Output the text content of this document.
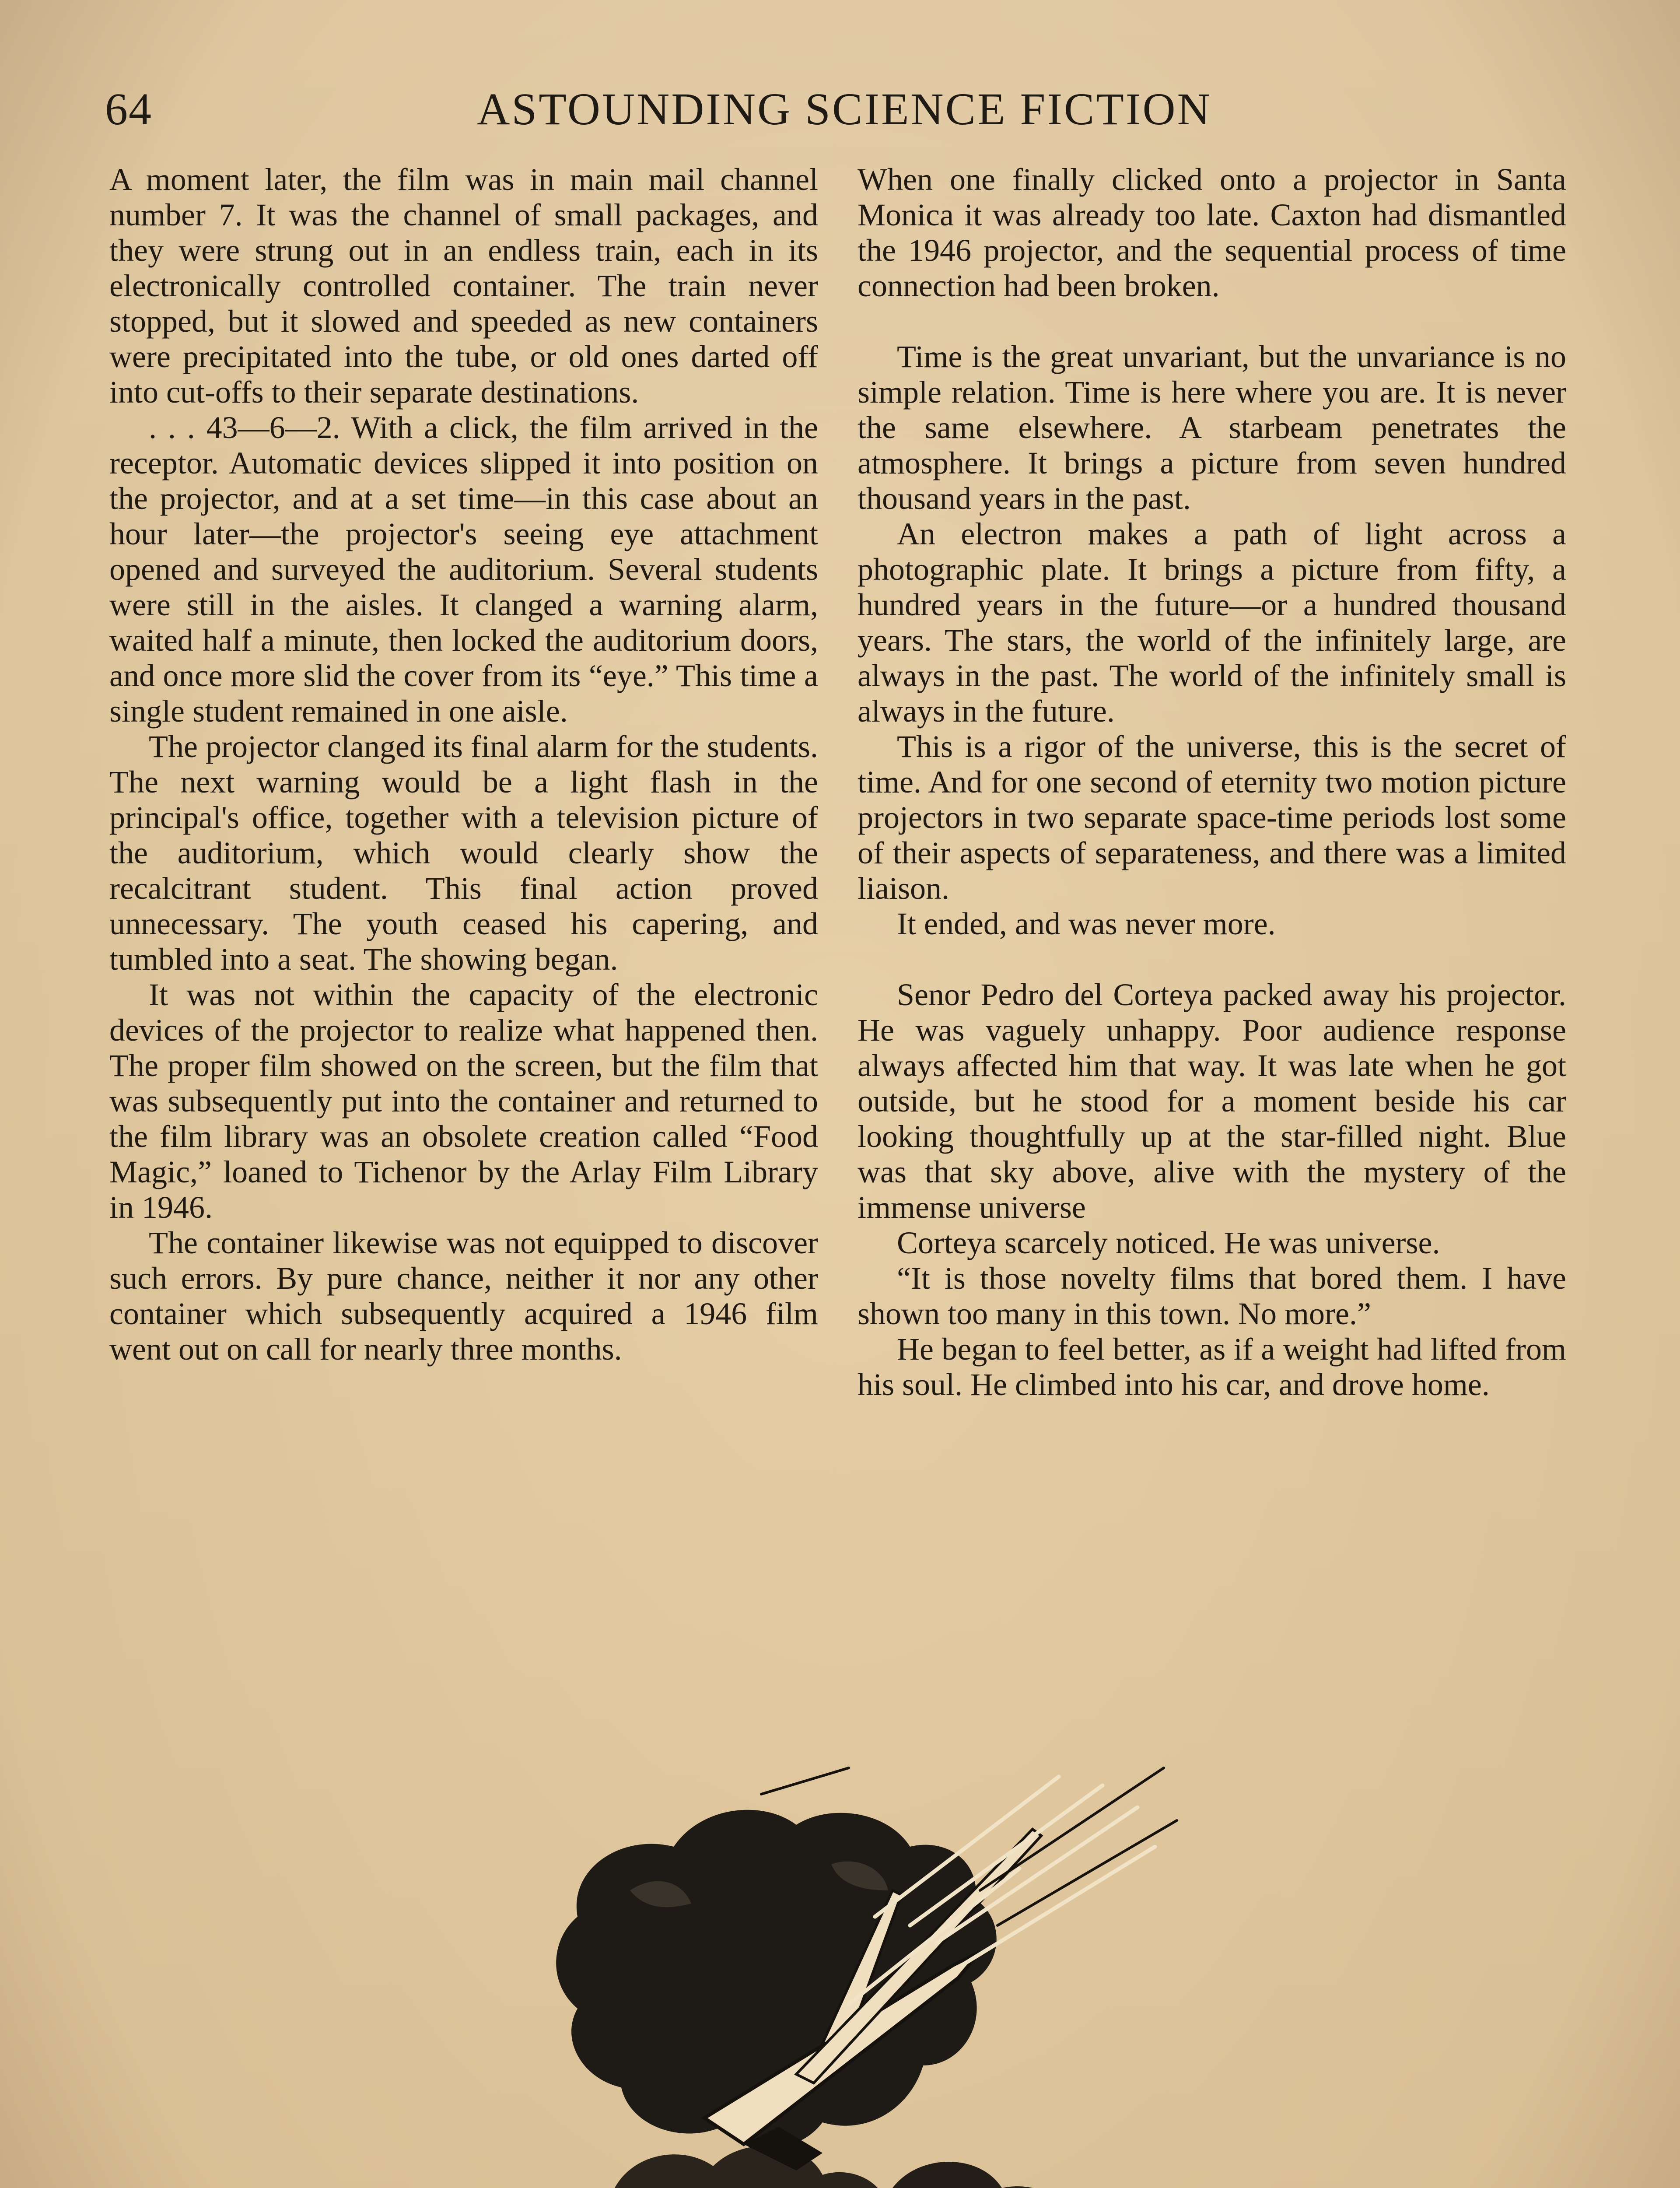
64	ASTOUNDING SCIENCE FICTION

A moment later, the film was in main mail channel number 7. It was the channel of small packages, and they were strung out in an endless train, each in its electronically controlled container. The train never stopped, but it slowed and speeded as new containers were precipitated into the tube, or old ones darted off into cut-offs to their separate destinations.

. . . 43—6—2. With a click, the film arrived in the receptor. Automatic devices slipped it into position on the projector, and at a set time—in this case about an hour later—the projector's seeing eye attachment opened and surveyed the auditorium. Several students were still in the aisles. It clanged a warning alarm, waited half a minute, then locked the auditorium doors, and once more slid the cover from its “eye.” This time a single student remained in one aisle.

The projector clanged its final alarm for the students. The next warning would be a light flash in the principal's office, together with a television picture of the auditorium, which would clearly show the recalcitrant student. This final action proved unnecessary. The youth ceased his capering, and tumbled into a seat. The showing began.

It was not within the capacity of the electronic devices of the projector to realize what happened then. The proper film showed on the screen, but the film that was subsequently put into the container and returned to the film library was an obsolete creation called “Food Magic,” loaned to Tichenor by the Arlay Film Library in 1946.

The container likewise was not equipped to discover such errors. By pure chance, neither it nor any other container which subsequently acquired a 1946 film went out on call for nearly three months.

When one finally clicked onto a projector in Santa Monica it was already too late. Caxton had dismantled the 1946 projector, and the sequential process of time connection had been broken.

Time is the great unvariant, but the unvariance is no simple relation. Time is here where you are. It is never the same elsewhere. A starbeam penetrates the atmosphere. It brings a picture from seven hundred thousand years in the past.

An electron makes a path of light across a photographic plate. It brings a picture from fifty, a hundred years in the future—or a hundred thousand years. The stars, the world of the infinitely large, are always in the past. The world of the infinitely small is always in the future.

This is a rigor of the universe, this is the secret of time. And for one second of eternity two motion picture projectors in two separate space-time periods lost some of their aspects of separateness, and there was a limited liaison.

It ended, and was never more.

Senor Pedro del Corteya packed away his projector. He was vaguely unhappy. Poor audience response always affected him that way. It was late when he got outside, but he stood for a moment beside his car looking thoughtfully up at the star-filled night. Blue was that sky above, alive with the mystery of the immense universe

Corteya scarcely noticed. He was universe.

“It is those novelty films that bored them. I have shown too many in this town. No more.”

He began to feel better, as if a weight had lifted from his soul. He climbed into his car, and drove home.
